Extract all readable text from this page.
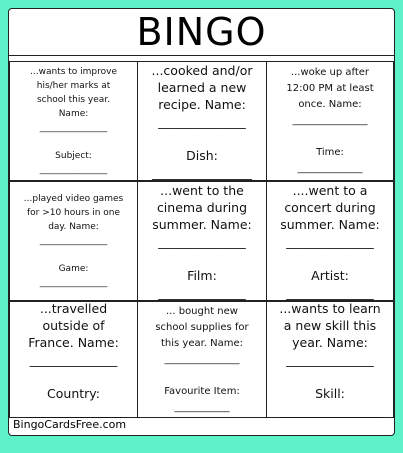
BINGO
...wants to improve
his/her marks at
school this year.
Name:
_______________

Subject:
_______________
...cooked and/or
learned a new
recipe. Name:
______________

Dish:
________________
...woke up after
12:00 PM at least
once. Name:
_______________

Time:
_____________
...played video games
for >10 hours in one
day. Name:
_______________

Game:
_______________
...went to the
cinema during
summer. Name:
______________

Film:
______________
....went to a
concert during
summer. Name:
______________

Artist:
______________
...travelled
outside of
France. Name:
______________

Country:
_______________
... bought new
school supplies for
this year. Name:
_______________

Favourite Item:
___________
...wants to learn
a new skill this
year. Name:
______________

Skill:
________________
BingoCardsFree.com
